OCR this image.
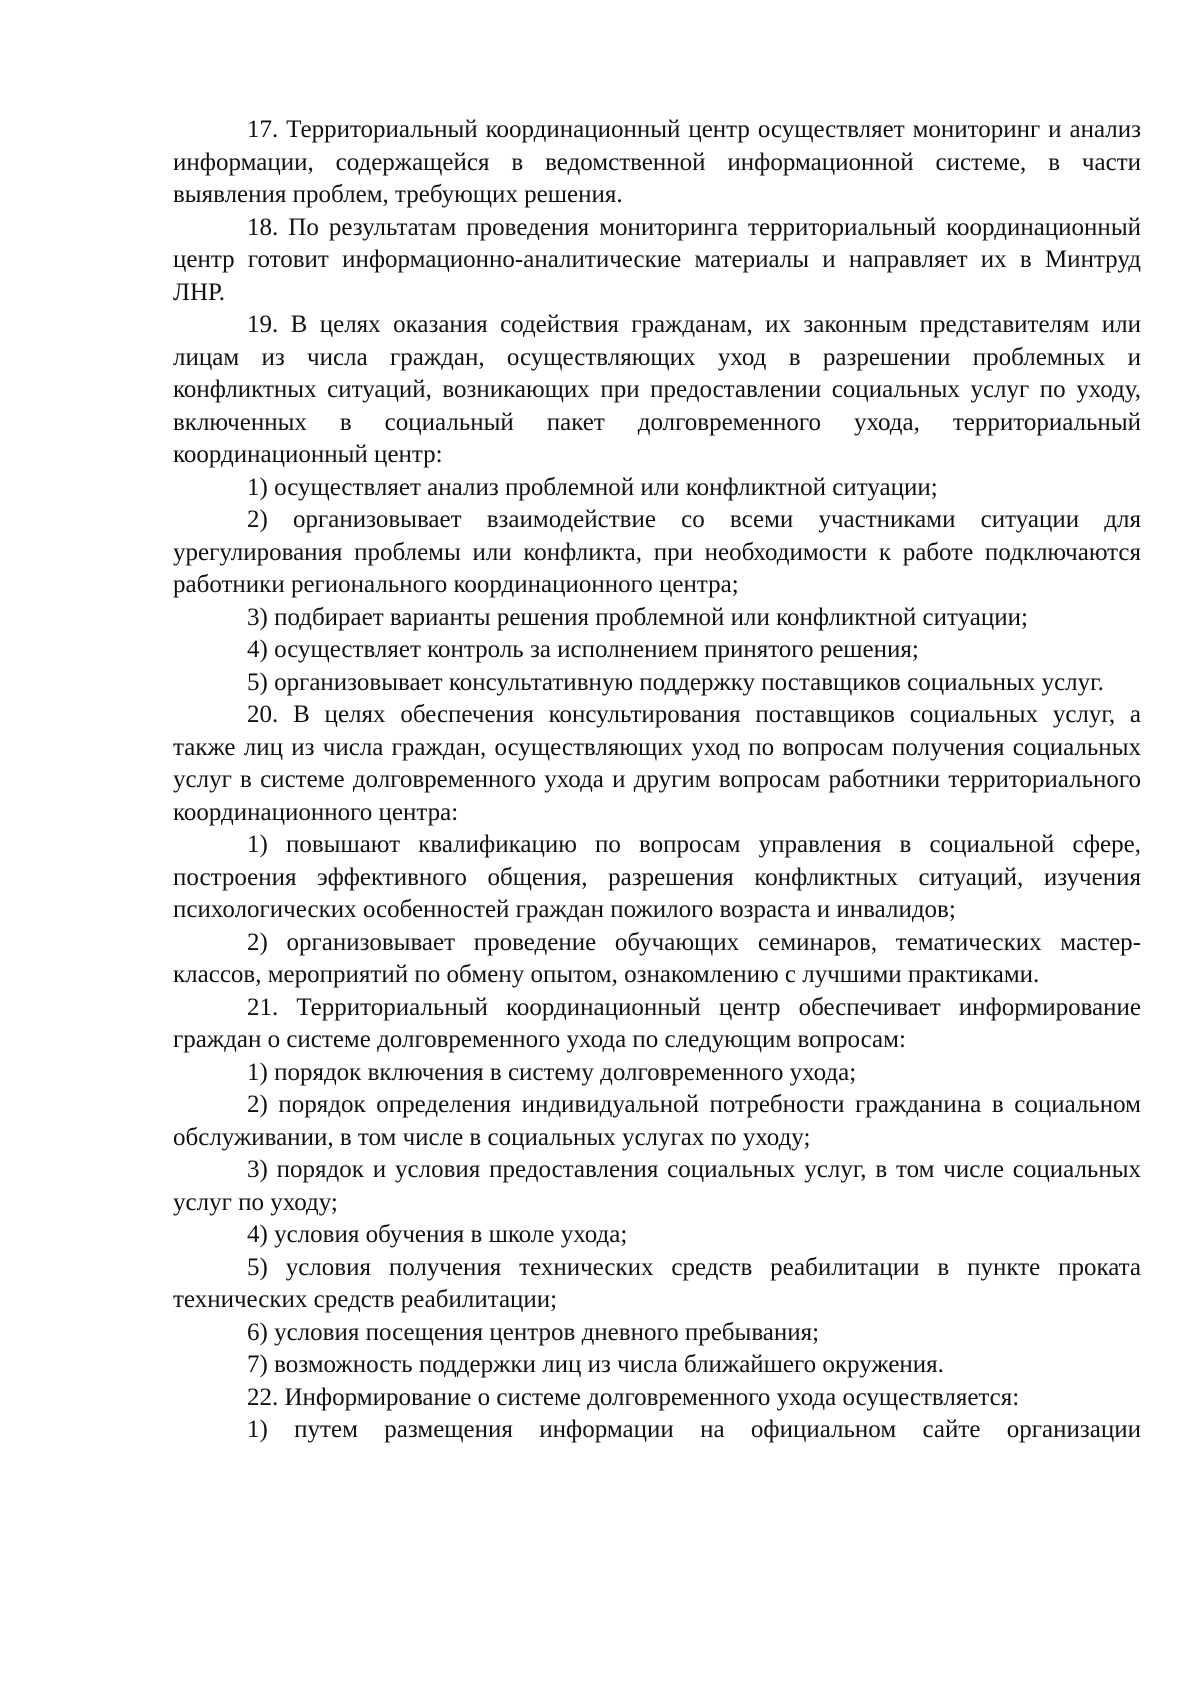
17. Территориальный координационный центр осуществляет мониторинг и анализ информации, содержащейся в ведомственной информационной системе, в части выявления проблем, требующих решения.

18. По результатам проведения мониторинга территориальный координационный центр готовит информационно-аналитические материалы и направляет их в Минтруд ЛНР.

19. В целях оказания содействия гражданам, их законным представителям или лицам из числа граждан, осуществляющих уход в разрешении проблемных и конфликтных ситуаций, возникающих при предоставлении социальных услуг по уходу, включенных в социальный пакет долговременного ухода, территориальный координационный центр:

1) осуществляет анализ проблемной или конфликтной ситуации;

2) организовывает взаимодействие со всеми участниками ситуации для урегулирования проблемы или конфликта, при необходимости к работе подключаются работники регионального координационного центра;

3) подбирает варианты решения проблемной или конфликтной ситуации;

4) осуществляет контроль за исполнением принятого решения;

5) организовывает консультативную поддержку поставщиков социальных услуг.

20. В целях обеспечения консультирования поставщиков социальных услуг, а также лиц из числа граждан, осуществляющих уход по вопросам получения социальных услуг в системе долговременного ухода и другим вопросам работники территориального координационного центра:

1) повышают квалификацию по вопросам управления в социальной сфере, построения эффективного общения, разрешения конфликтных ситуаций, изучения психологических особенностей граждан пожилого возраста и инвалидов;

2) организовывает проведение обучающих семинаров, тематических мастер-классов, мероприятий по обмену опытом, ознакомлению с лучшими практиками.

21. Территориальный координационный центр обеспечивает информирование граждан о системе долговременного ухода по следующим вопросам:

1) порядок включения в систему долговременного ухода;

2) порядок определения индивидуальной потребности гражданина в социальном обслуживании, в том числе в социальных услугах по уходу;

3) порядок и условия предоставления социальных услуг, в том числе социальных услуг по уходу;

4) условия обучения в школе ухода;

5) условия получения технических средств реабилитации в пункте проката технических средств реабилитации;

6) условия посещения центров дневного пребывания;

7) возможность поддержки лиц из числа ближайшего окружения.

22. Информирование о системе долговременного ухода осуществляется:

1) путем размещения информации на официальном сайте организации
